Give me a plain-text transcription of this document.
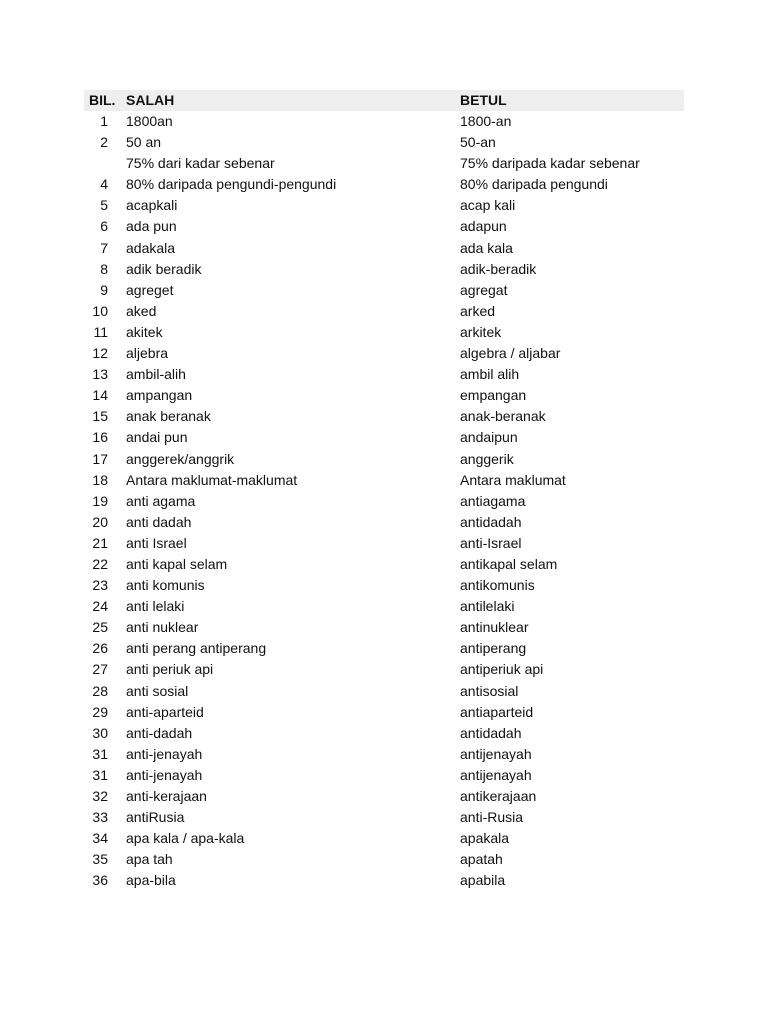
BIL. SALAH	BETUL
1 1800an	1800-an
2 50 an	50-an
75% dari kadar sebenar	75% daripada kadar sebenar
4 80% daripada pengundi-pengundi	80% daripada pengundi
5 acapkali	acap kali
6 ada pun	adapun
7 adakala	ada kala
8 adik beradik	adik-beradik
9 agreget	agregat
10 aked	arked
11 akitek	arkitek
12 aljebra	algebra / aljabar
13 ambil-alih	ambil alih
14 ampangan	empangan
15 anak beranak	anak-beranak
16 andai pun	andaipun
17 anggerek/anggrik	anggerik
18 Antara maklumat-maklumat	Antara maklumat
19 anti agama	antiagama
20 anti dadah	antidadah
21 anti Israel	anti-Israel
22 anti kapal selam	antikapal selam
23 anti komunis	antikomunis
24 anti lelaki	antilelaki
25 anti nuklear	antinuklear
26 anti perang antiperang	antiperang
27 anti periuk api	antiperiuk api
28 anti sosial	antisosial
29 anti-aparteid	antiaparteid
30 anti-dadah	antidadah
31 anti-jenayah	antijenayah
31 anti-jenayah	antijenayah
32 anti-kerajaan	antikerajaan
33 antiRusia	anti-Rusia
34 apa kala / apa-kala	apakala
35 apa tah	apatah
36 apa-bila	apabila
